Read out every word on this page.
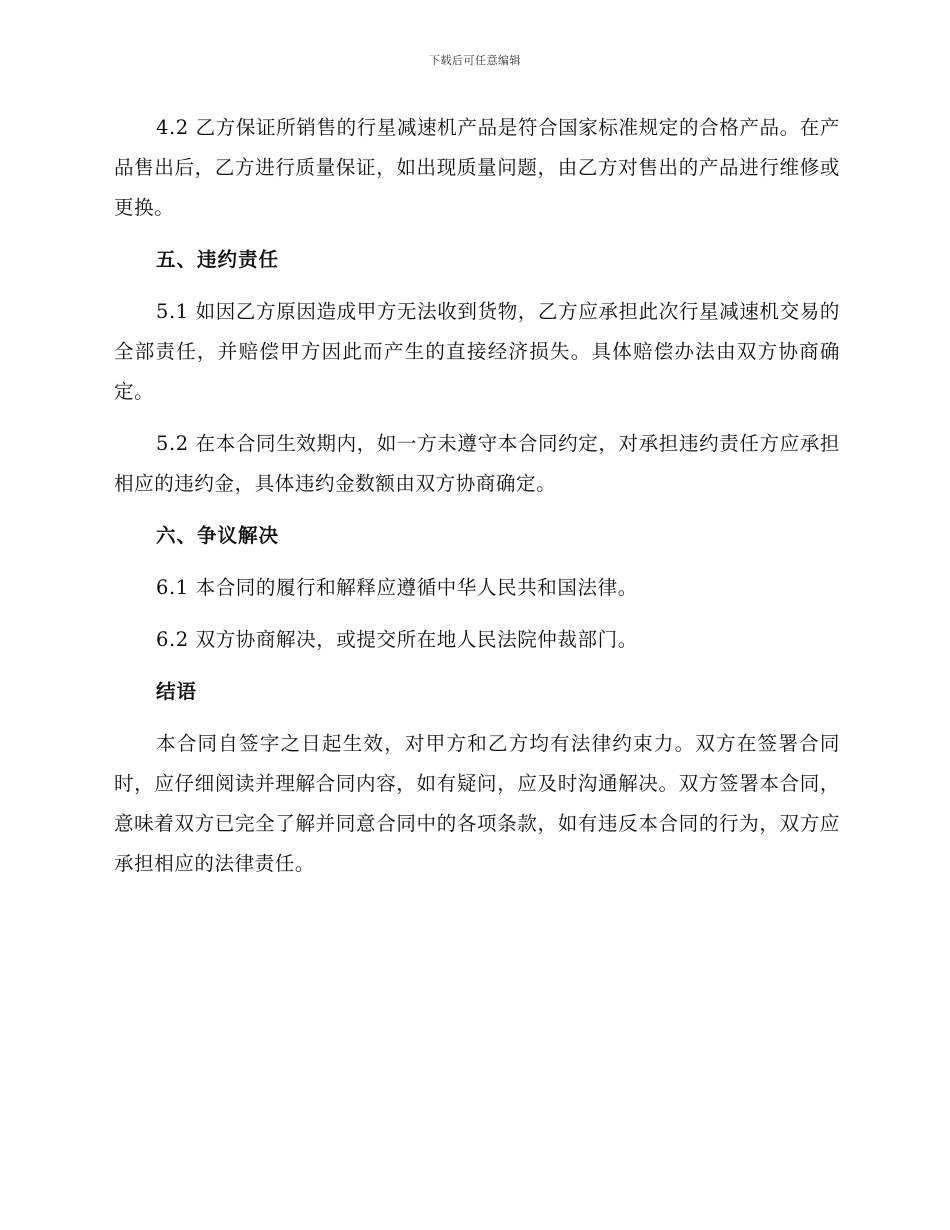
下载后可任意编辑

4.2 乙方保证所销售的行星减速机产品是符合国家标准规定的合格产品。在产品售出后，乙方进行质量保证，如出现质量问题，由乙方对售出的产品进行维修或更换。

五、违约责任

5.1 如因乙方原因造成甲方无法收到货物，乙方应承担此次行星减速机交易的全部责任，并赔偿甲方因此而产生的直接经济损失。具体赔偿办法由双方协商确定。

5.2 在本合同生效期内，如一方未遵守本合同约定，对承担违约责任方应承担相应的违约金，具体违约金数额由双方协商确定。

六、争议解决

6.1 本合同的履行和解释应遵循中华人民共和国法律。

6.2 双方协商解决，或提交所在地人民法院仲裁部门。

结语

本合同自签字之日起生效，对甲方和乙方均有法律约束力。双方在签署合同时，应仔细阅读并理解合同内容，如有疑问，应及时沟通解决。双方签署本合同，意味着双方已完全了解并同意合同中的各项条款，如有违反本合同的行为，双方应承担相应的法律责任。
